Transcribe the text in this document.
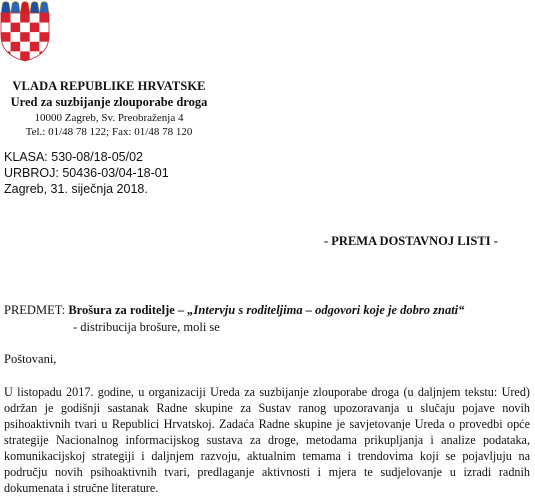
VLADA REPUBLIKE HRVATSKE
Ured za suzbijanje zlouporabe droga
10000 Zagreb, Sv. Preobraženja 4
Tel.: 01/48 78 122; Fax: 01/48 78 120
KLASA: 530-08/18-05/02
URBROJ: 50436-03/04-18-01
Zagreb, 31. siječnja 2018.
- PREMA DOSTAVNOJ LISTI -
PREDMET: Brošura za roditelje – „Intervju s roditeljima – odgovori koje je dobro znati“
- distribucija brošure, moli se
Poštovani,
U listopadu 2017. godine, u organizaciji Ureda za suzbijanje zlouporabe droga (u daljnjem tekstu: Ured) održan je godišnji sastanak Radne skupine za Sustav ranog upozoravanja u slučaju pojave novih psihoaktivnih tvari u Republici Hrvatskoj. Zadaća Radne skupine je savjetovanje Ureda o provedbi opće strategije Nacionalnog informacijskog sustava za droge, metodama prikupljanja i analize podataka, komunikacijskoj strategiji i daljnjem razvoju, aktualnim temama i trendovima koji se pojavljuju na području novih psihoaktivnih tvari, predlaganje aktivnosti i mjera te sudjelovanje u izradi radnih dokumenata i stručne literature.
